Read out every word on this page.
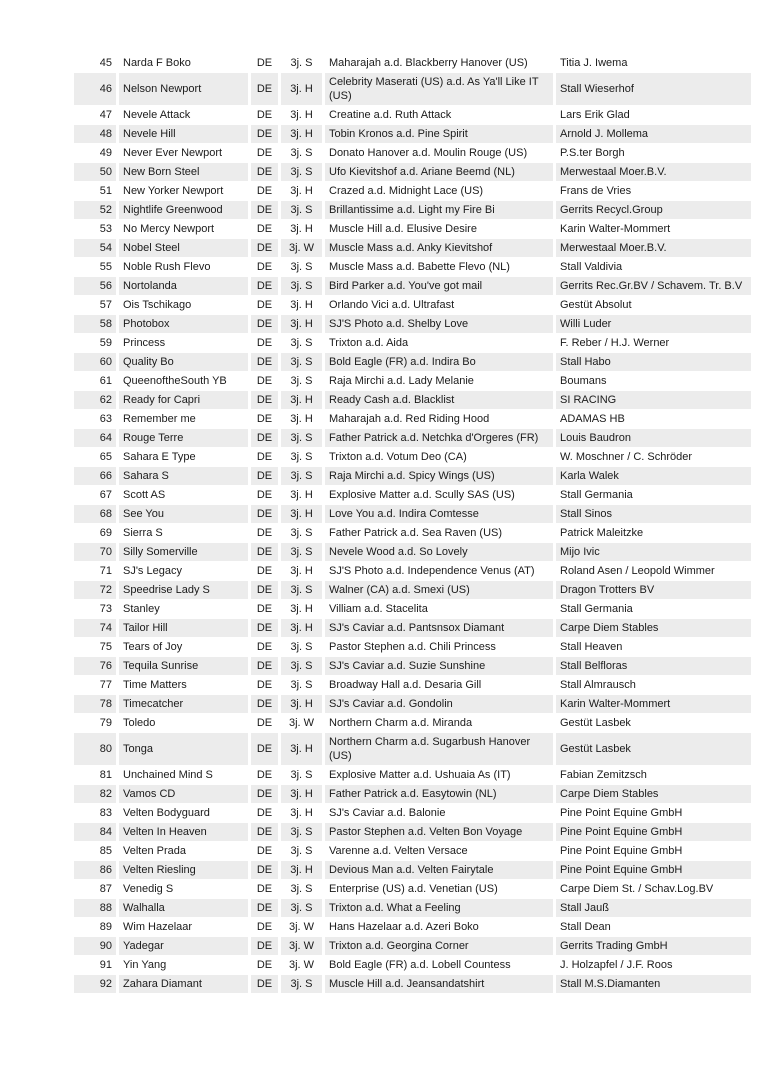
45	Narda F Boko	DE	3j. S	Maharajah a.d. Blackberry Hanover (US)	Titia J. Iwema
46	Nelson Newport	DE	3j. H	Celebrity Maserati (US) a.d. As Ya'll Like IT (US)	Stall Wieserhof
47	Nevele Attack	DE	3j. H	Creatine a.d. Ruth Attack	Lars Erik Glad
48	Nevele Hill	DE	3j. H	Tobin Kronos a.d. Pine Spirit	Arnold J. Mollema
49	Never Ever Newport	DE	3j. S	Donato Hanover a.d. Moulin Rouge (US)	P.S.ter Borgh
50	New Born Steel	DE	3j. S	Ufo Kievitshof a.d. Ariane Beemd (NL)	Merwestaal Moer.B.V.
51	New Yorker Newport	DE	3j. H	Crazed a.d. Midnight Lace (US)	Frans de Vries
52	Nightlife Greenwood	DE	3j. S	Brillantissime a.d. Light my Fire Bi	Gerrits Recycl.Group
53	No Mercy Newport	DE	3j. H	Muscle Hill a.d. Elusive Desire	Karin Walter-Mommert
54	Nobel Steel	DE	3j. W	Muscle Mass a.d. Anky Kievitshof	Merwestaal Moer.B.V.
55	Noble Rush Flevo	DE	3j. S	Muscle Mass a.d. Babette Flevo (NL)	Stall Valdivia
56	Nortolanda	DE	3j. S	Bird Parker a.d. You've got mail	Gerrits Rec.Gr.BV / Schavem. Tr. B.V
57	Ois Tschikago	DE	3j. H	Orlando Vici a.d. Ultrafast	Gestüt Absolut
58	Photobox	DE	3j. H	SJ'S Photo a.d. Shelby Love	Willi Luder
59	Princess	DE	3j. S	Trixton a.d. Aida	F. Reber / H.J. Werner
60	Quality Bo	DE	3j. S	Bold Eagle (FR) a.d. Indira Bo	Stall Habo
61	QueenoftheSouth YB	DE	3j. S	Raja Mirchi a.d. Lady Melanie	Boumans
62	Ready for Capri	DE	3j. H	Ready Cash a.d. Blacklist	SI RACING
63	Remember me	DE	3j. H	Maharajah a.d. Red Riding Hood	ADAMAS HB
64	Rouge Terre	DE	3j. S	Father Patrick a.d. Netchka d'Orgeres (FR)	Louis Baudron
65	Sahara E Type	DE	3j. S	Trixton a.d. Votum Deo (CA)	W. Moschner / C. Schröder
66	Sahara S	DE	3j. S	Raja Mirchi a.d. Spicy Wings (US)	Karla Walek
67	Scott AS	DE	3j. H	Explosive Matter a.d. Scully SAS (US)	Stall Germania
68	See You	DE	3j. H	Love You a.d. Indira Comtesse	Stall Sinos
69	Sierra S	DE	3j. S	Father Patrick a.d. Sea Raven (US)	Patrick Maleitzke
70	Silly Somerville	DE	3j. S	Nevele Wood a.d. So Lovely	Mijo Ivic
71	SJ's Legacy	DE	3j. H	SJ'S Photo a.d. Independence Venus (AT)	Roland Asen / Leopold Wimmer
72	Speedrise Lady S	DE	3j. S	Walner (CA) a.d. Smexi (US)	Dragon Trotters BV
73	Stanley	DE	3j. H	Villiam a.d. Stacelita	Stall Germania
74	Tailor Hill	DE	3j. H	SJ's Caviar a.d. Pantsnsox Diamant	Carpe Diem Stables
75	Tears of Joy	DE	3j. S	Pastor Stephen a.d. Chili Princess	Stall Heaven
76	Tequila Sunrise	DE	3j. S	SJ's Caviar a.d. Suzie Sunshine	Stall Belfloras
77	Time Matters	DE	3j. S	Broadway Hall a.d. Desaria Gill	Stall Almrausch
78	Timecatcher	DE	3j. H	SJ's Caviar a.d. Gondolin	Karin Walter-Mommert
79	Toledo	DE	3j. W	Northern Charm a.d. Miranda	Gestüt Lasbek
80	Tonga	DE	3j. H	Northern Charm a.d. Sugarbush Hanover (US)	Gestüt Lasbek
81	Unchained Mind S	DE	3j. S	Explosive Matter a.d. Ushuaia As (IT)	Fabian Zemitzsch
82	Vamos CD	DE	3j. H	Father Patrick a.d. Easytowin (NL)	Carpe Diem Stables
83	Velten Bodyguard	DE	3j. H	SJ's Caviar a.d. Balonie	Pine Point Equine GmbH
84	Velten In Heaven	DE	3j. S	Pastor Stephen a.d. Velten Bon Voyage	Pine Point Equine GmbH
85	Velten Prada	DE	3j. S	Varenne a.d. Velten Versace	Pine Point Equine GmbH
86	Velten Riesling	DE	3j. H	Devious Man a.d. Velten Fairytale	Pine Point Equine GmbH
87	Venedig S	DE	3j. S	Enterprise (US) a.d. Venetian (US)	Carpe Diem St. / Schav.Log.BV
88	Walhalla	DE	3j. S	Trixton a.d. What a Feeling	Stall Jauß
89	Wim Hazelaar	DE	3j. W	Hans Hazelaar a.d. Azeri Boko	Stall Dean
90	Yadegar	DE	3j. W	Trixton a.d. Georgina Corner	Gerrits Trading GmbH
91	Yin Yang	DE	3j. W	Bold Eagle (FR) a.d. Lobell Countess	J. Holzapfel / J.F. Roos
92	Zahara Diamant	DE	3j. S	Muscle Hill a.d. Jeansandatshirt	Stall M.S.Diamanten
